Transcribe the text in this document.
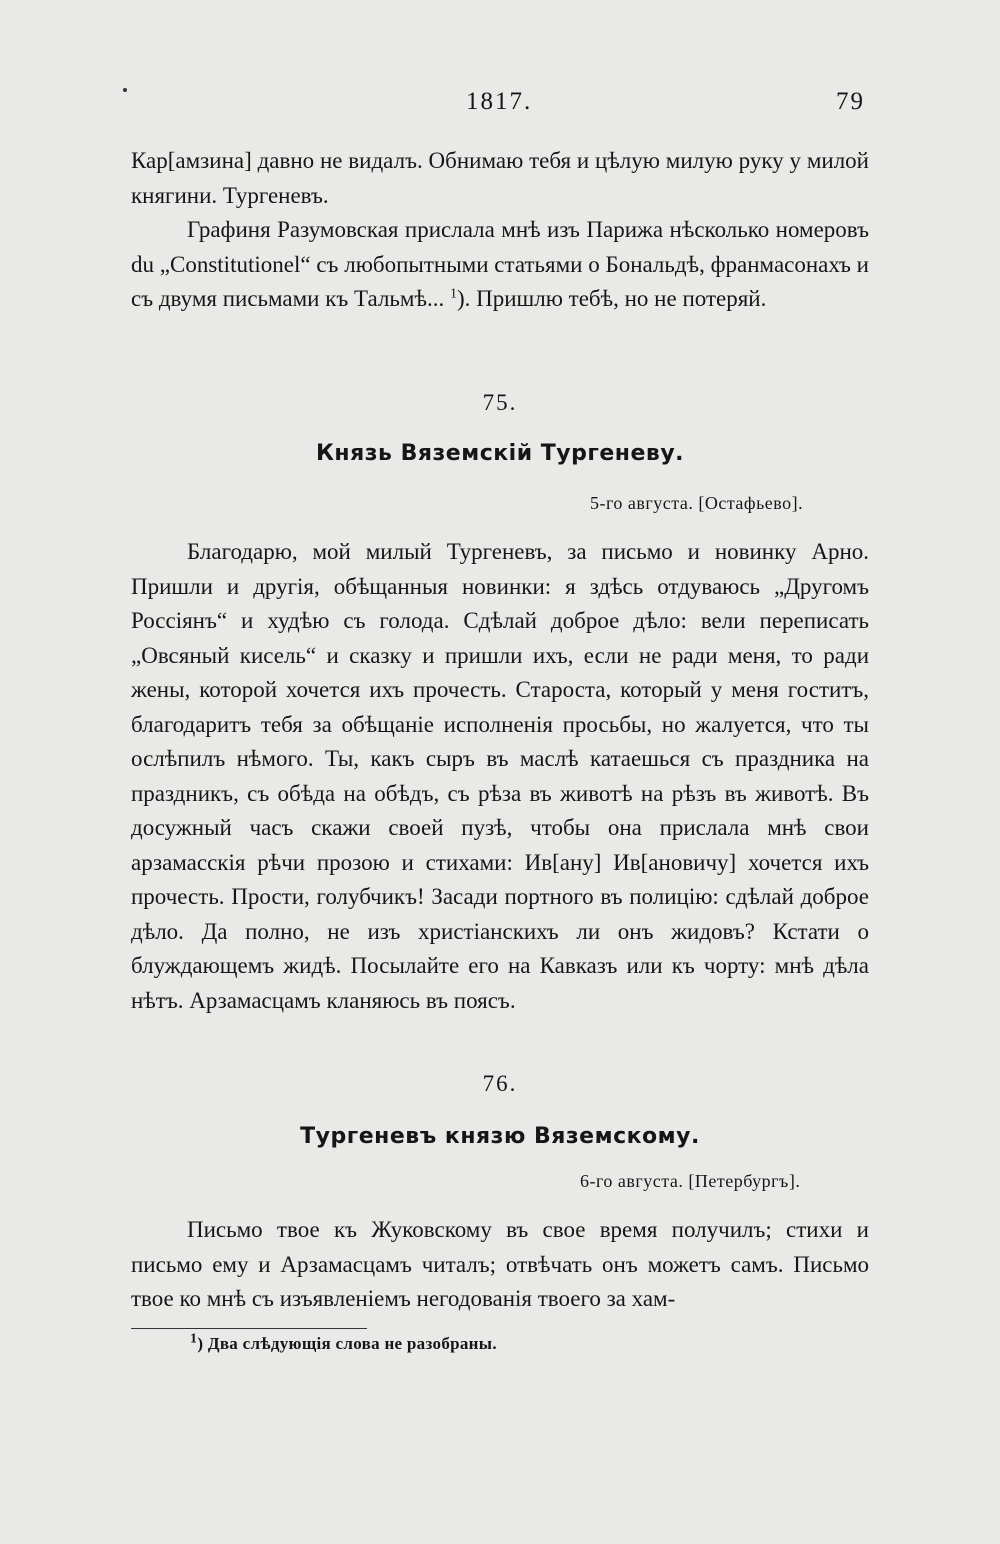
1817.	79

Кар[амзина] давно не видалъ. Обнимаю тебя и цѣлую милую руку у милой княгини. Тургеневъ.

Графиня Разумовская прислала мнѣ изъ Парижа нѣсколько номеровъ du „Constitutionel“ съ любопытными статьями о Бональдѣ, франмасонахъ и съ двумя письмами къ Тальмѣ... $^1$). Пришлю тебѣ, но не потеряй.

75.
Князь Вяземскій Тургеневу.
5-го августа. [Остафьево].

Благодарю, мой милый Тургеневъ, за письмо и новинку Арно. Пришли и другія, обѣщанныя новинки: я здѣсь отдуваюсь „Другомъ Россіянъ“ и худѣю съ голода. Сдѣлай доброе дѣло: вели переписать „Овсяный кисель“ и сказку и пришли ихъ, если не ради меня, то ради жены, которой хочется ихъ прочесть. Староста, который у меня гоститъ, благодаритъ тебя за обѣщаніе исполненія просьбы, но жалуется, что ты ослѣпилъ нѣмого. Ты, какъ сыръ въ маслѣ катаешься съ праздника на праздникъ, съ обѣда на обѣдъ, съ рѣза въ животѣ на рѣзъ въ животѣ. Въ досужный часъ скажи своей пузѣ, чтобы она прислала мнѣ свои арзамасскія рѣчи прозою и стихами: Ив[ану] Ив[ановичу] хочется ихъ прочесть. Прости, голубчикъ! Засади портного въ полицію: сдѣлай доброе дѣло. Да полно, не изъ христіанскихъ ли онъ жидовъ? Кстати о блуждающемъ жидѣ. Посылайте его на Кавказъ или къ чорту: мнѣ дѣла нѣтъ. Арзамасцамъ кланяюсь въ поясъ.

76.
Тургеневъ князю Вяземскому.
6-го августа. [Петербургъ].

Письмо твое къ Жуковскому въ свое время получилъ; стихи и письмо ему и Арзамасцамъ читалъ; отвѣчать онъ можетъ самъ. Письмо твое ко мнѣ съ изъявленіемъ негодованія твоего за хам-

$^1$) Два слѣдующія слова не разобраны.
